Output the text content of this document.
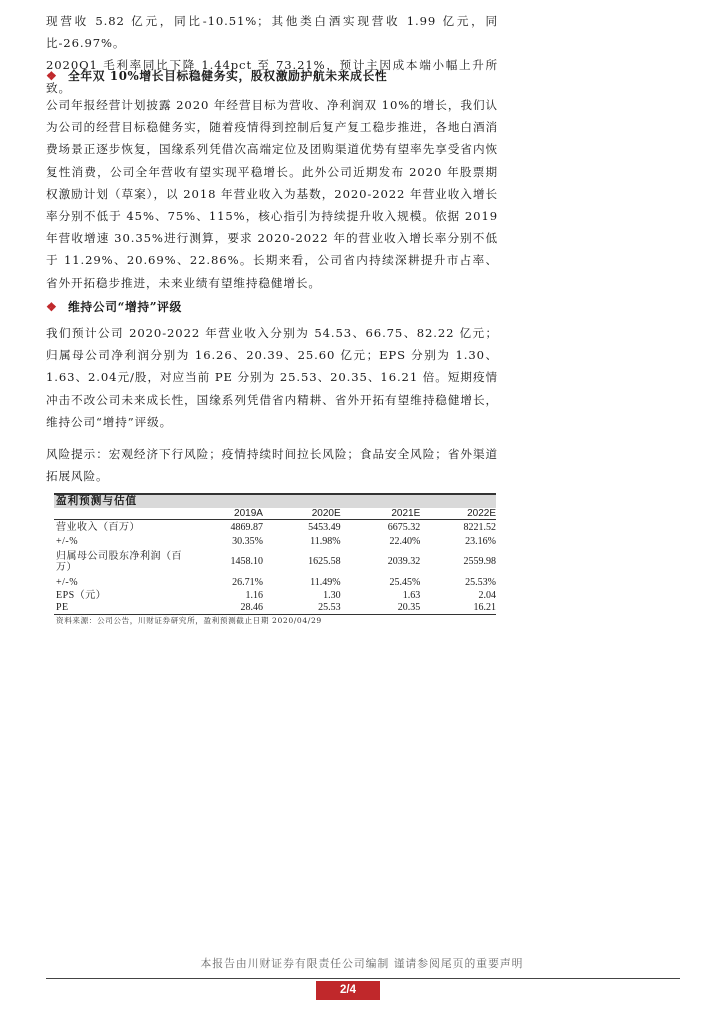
现营收 5.82 亿元，同比-10.51%；其他类白酒实现营收 1.99 亿元，同比-26.97%。
2020Q1 毛利率同比下降 1.44pct 至 73.21%，预计主因成本端小幅上升所致。

❖ 全年双 10%增长目标稳健务实，股权激励护航未来成长性

公司年报经营计划披露 2020 年经营目标为营收、净利润双 10%的增长，我们认为公司的经营目标稳健务实，随着疫情得到控制后复产复工稳步推进，各地白酒消费场景正逐步恢复，国缘系列凭借次高端定位及团购渠道优势有望率先享受省内恢复性消费，公司全年营收有望实现平稳增长。此外公司近期发布 2020 年股票期权激励计划（草案），以 2018 年营业收入为基数，2020-2022 年营业收入增长率分别不低于 45%、75%、115%，核心指引为持续提升收入规模。依据 2019 年营收增速 30.35%进行测算，要求 2020-2022 年的营业收入增长率分别不低于 11.29%、20.69%、22.86%。长期来看，公司省内持续深耕提升市占率、省外开拓稳步推进，未来业绩有望维持稳健增长。

❖ 维持公司“增持”评级

我们预计公司 2020-2022 年营业收入分别为 54.53、66.75、82.22 亿元；归属母公司净利润分别为 16.26、20.39、25.60 亿元；EPS 分别为 1.30、1.63、2.04元/股，对应当前 PE 分别为 25.53、20.35、16.21 倍。短期疫情冲击不改公司未来成长性，国缘系列凭借省内精耕、省外开拓有望维持稳健增长，维持公司“增持”评级。

风险提示：宏观经济下行风险；疫情持续时间拉长风险；食品安全风险；省外渠道拓展风险。

盈利预测与估值				
	2019A	2020E	2021E	2022E
营业收入（百万）	4869.87	5453.49	6675.32	8221.52
+/-%	30.35%	11.98%	22.40%	23.16%
归属母公司股东净利润（百万）	1458.10	1625.58	2039.32	2559.98
+/-%	26.71%	11.49%	25.45%	25.53%
EPS（元）	1.16	1.30	1.63	2.04
PE	28.46	25.53	20.35	16.21
资料来源：公司公告，川财证券研究所，盈利预测截止日期 2020/04/29
本报告由川财证券有限责任公司编制 谨请参阅尾页的重要声明
2/4
